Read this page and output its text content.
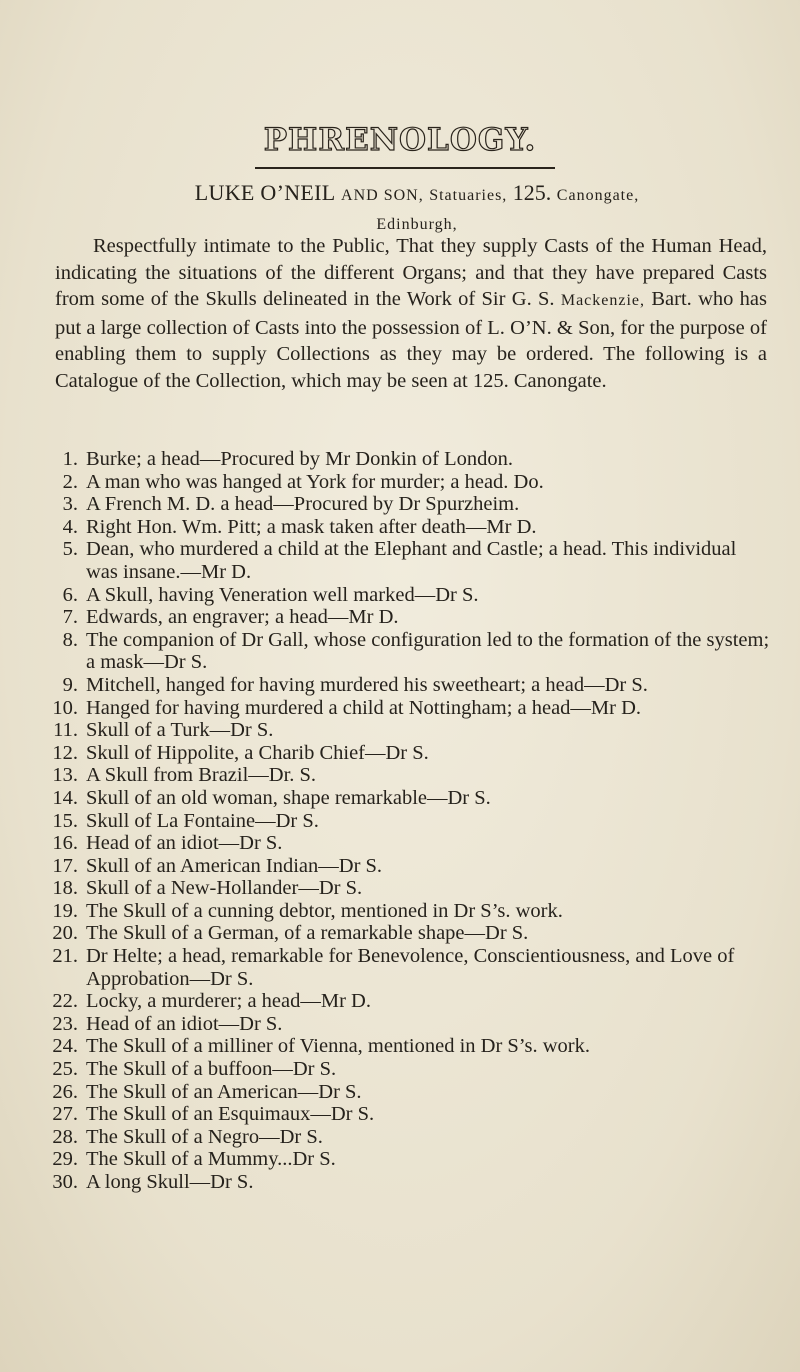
PHRENOLOGY.
LUKE O’NEIL AND SON, Statuaries, 125. Canongate,
Edinburgh,
Respectfully intimate to the Public, That they supply Casts of the Human Head, indicating the situations of the different Organs; and that they have prepared Casts from some of the Skulls delineated in the Work of Sir G. S. Mackenzie, Bart. who has put a large collection of Casts into the possession of L. O’N. & Son, for the purpose of enabling them to supply Collections as they may be ordered. The following is a Catalogue of the Collection, which may be seen at 125. Canongate.
1. Burke; a head—Procured by Mr Donkin of London.
2. A man who was hanged at York for murder; a head. Do.
3. A French M. D. a head—Procured by Dr Spurzheim.
4. Right Hon. Wm. Pitt; a mask taken after death—Mr D.
5. Dean, who murdered a child at the Elephant and Castle; a head. This individual was insane.—Mr D.
6. A Skull, having Veneration well marked—Dr S.
7. Edwards, an engraver; a head—Mr D.
8. The companion of Dr Gall, whose configuration led to the formation of the system; a mask—Dr S.
9. Mitchell, hanged for having murdered his sweetheart; a head—Dr S.
10. Hanged for having murdered a child at Nottingham; a head—Mr D.
11. Skull of a Turk—Dr S.
12. Skull of Hippolite, a Charib Chief—Dr S.
13. A Skull from Brazil—Dr. S.
14. Skull of an old woman, shape remarkable—Dr S.
15. Skull of La Fontaine—Dr S.
16. Head of an idiot—Dr S.
17. Skull of an American Indian—Dr S.
18. Skull of a New-Hollander—Dr S.
19. The Skull of a cunning debtor, mentioned in Dr S’s. work.
20. The Skull of a German, of a remarkable shape—Dr S.
21. Dr Helte; a head, remarkable for Benevolence, Conscientiousness, and Love of Approbation—Dr S.
22. Locky, a murderer; a head—Mr D.
23. Head of an idiot—Dr S.
24. The Skull of a milliner of Vienna, mentioned in Dr S’s. work.
25. The Skull of a buffoon—Dr S.
26. The Skull of an American—Dr S.
27. The Skull of an Esquimaux—Dr S.
28. The Skull of a Negro—Dr S.
29. The Skull of a Mummy...Dr S.
30. A long Skull—Dr S.
